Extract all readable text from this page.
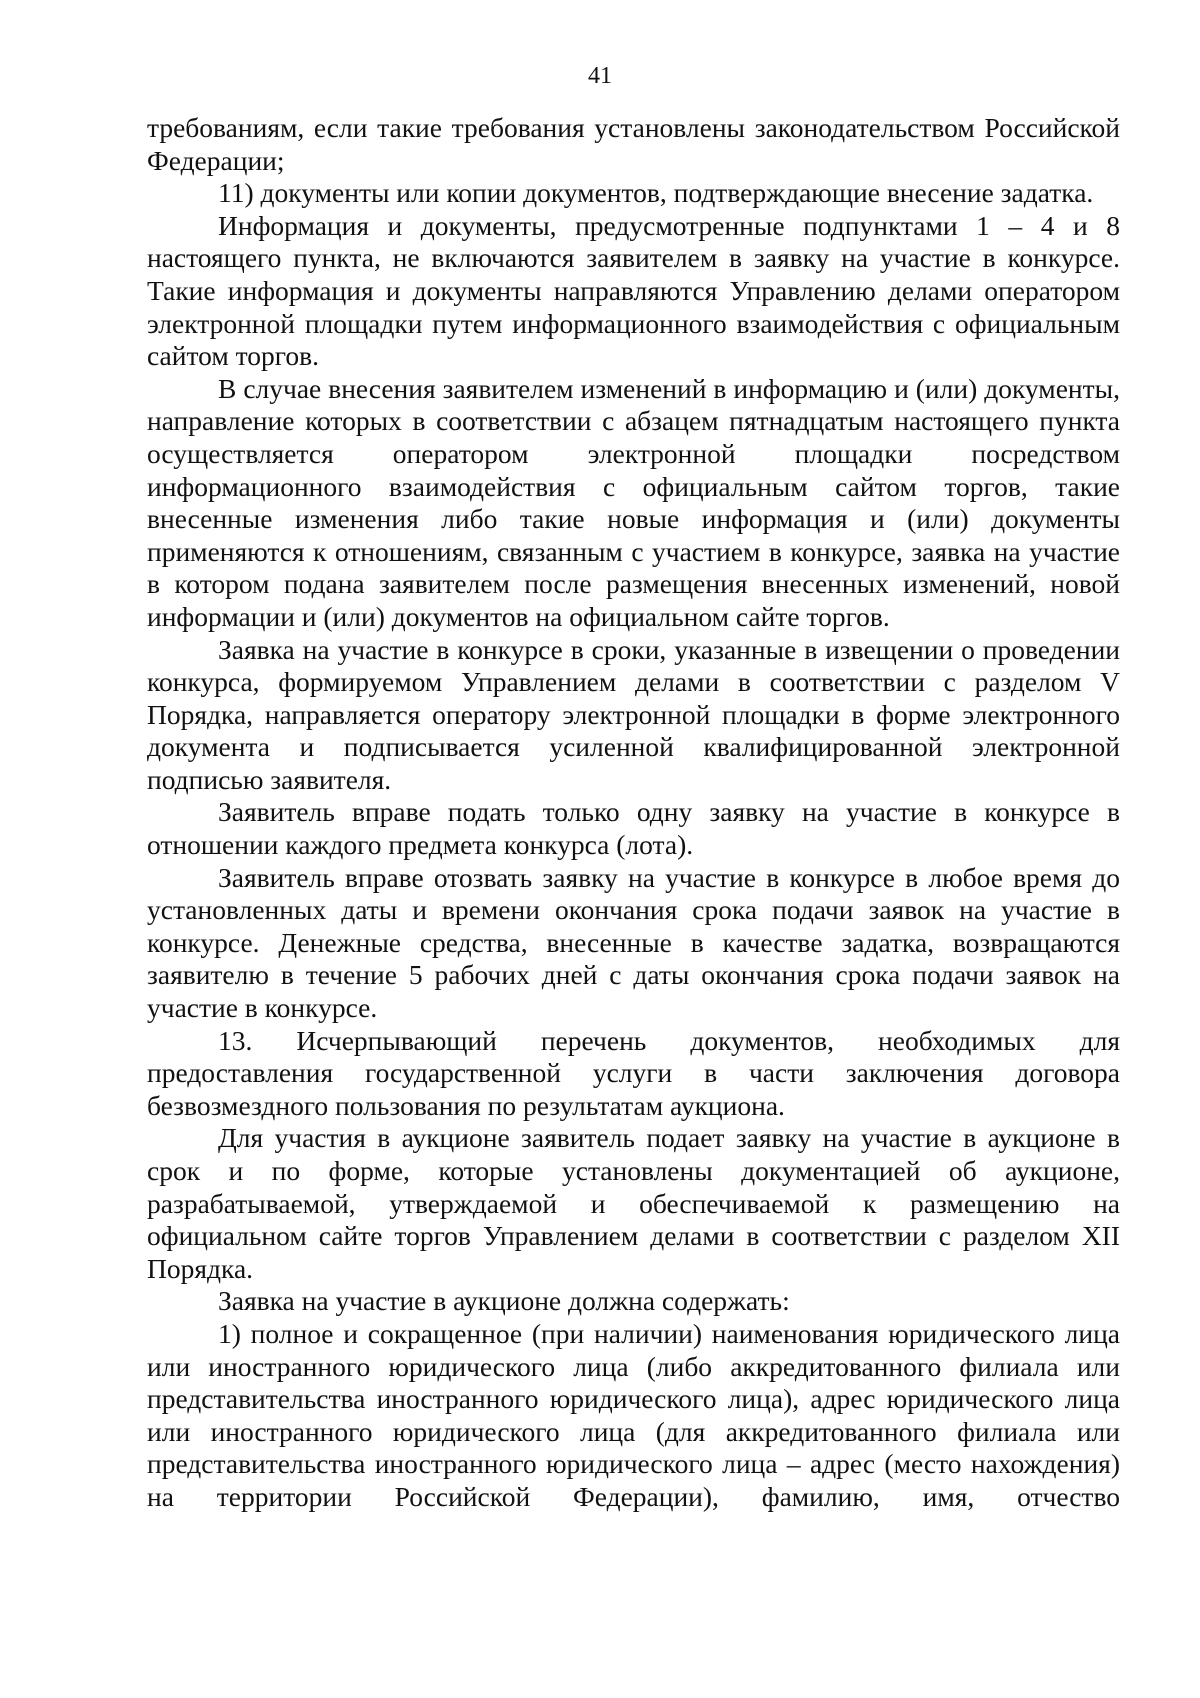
41

требованиям, если такие требования установлены законодательством Российской Федерации;

11) документы или копии документов, подтверждающие внесение задатка.

Информация и документы, предусмотренные подпунктами 1 – 4 и 8 настоящего пункта, не включаются заявителем в заявку на участие в конкурсе. Такие информация и документы направляются Управлению делами оператором электронной площадки путем информационного взаимодействия с официальным сайтом торгов.

В случае внесения заявителем изменений в информацию и (или) документы, направление которых в соответствии с абзацем пятнадцатым настоящего пункта осуществляется оператором электронной площадки посредством информационного взаимодействия с официальным сайтом торгов, такие внесенные изменения либо такие новые информация и (или) документы применяются к отношениям, связанным с участием в конкурсе, заявка на участие в котором подана заявителем после размещения внесенных изменений, новой информации и (или) документов на официальном сайте торгов.

Заявка на участие в конкурсе в сроки, указанные в извещении о проведении конкурса, формируемом Управлением делами в соответствии с разделом V Порядка, направляется оператору электронной площадки в форме электронного документа и подписывается усиленной квалифицированной электронной подписью заявителя.

Заявитель вправе подать только одну заявку на участие в конкурсе в отношении каждого предмета конкурса (лота).

Заявитель вправе отозвать заявку на участие в конкурсе в любое время до установленных даты и времени окончания срока подачи заявок на участие в конкурсе. Денежные средства, внесенные в качестве задатка, возвращаются заявителю в течение 5 рабочих дней с даты окончания срока подачи заявок на участие в конкурсе.

13. Исчерпывающий перечень документов, необходимых для предоставления государственной услуги в части заключения договора безвозмездного пользования по результатам аукциона.

Для участия в аукционе заявитель подает заявку на участие в аукционе в срок и по форме, которые установлены документацией об аукционе, разрабатываемой, утверждаемой и обеспечиваемой к размещению на официальном сайте торгов Управлением делами в соответствии с разделом XII Порядка.

Заявка на участие в аукционе должна содержать:

1) полное и сокращенное (при наличии) наименования юридического лица или иностранного юридического лица (либо аккредитованного филиала или представительства иностранного юридического лица), адрес юридического лица или иностранного юридического лица (для аккредитованного филиала или представительства иностранного юридического лица – адрес (место нахождения) на территории Российской Федерации), фамилию, имя, отчество
